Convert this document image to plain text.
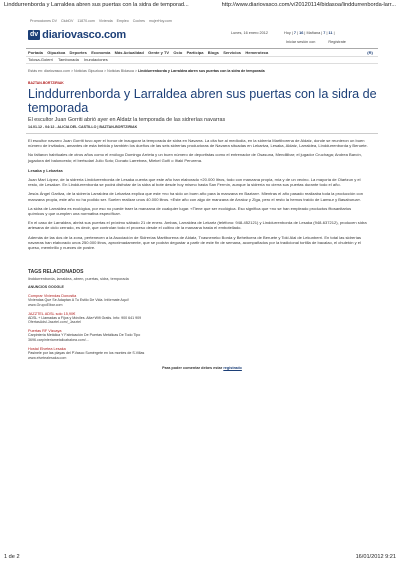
Linddurrenborda y Larraldea abren sus puertas con la sidra de temporad...	http://www.diariovasco.com/v/20120114/bidasoa/linddurrenborda-larr...
Promociones DV ClubDV 11870.com Vivienda Empleo Coches mujerHoy.com
dv diariovasco.com	Lunes, 16 enero 2012	Hoy | 7 | 16 | Mañana | 7 | 11 |
Iniciar sesión con	Regístrate
Portada Gipuzkoa Deportes Economía Más Actualidad Gente y TV Ocio Participa Blogs Servicios Hemeroteca	(R)
Tolosa-Goierri Tambonada Inundaciones
Estás en: diariovasco.com > Noticias Gipuzkoa > Noticias Bidasoa > Linddurrenborda y Larraldea abren sus puertas con la sidra de temporada
BAZTAN-BORTZIRIAK
Linddurrenborda y Larraldea abren sus puertas con la sidra de temporada
El escultor Juan Gorriti abrió ayer en Aldatz la temporada de las sidrerías navarras
14.01.12 - 04:12 - ALICIA DEL CASTILLO | BAZTAN-BORTZIRIAK

El escultor navarro Juan Gorriti tuvo ayer el honor de inaugurar la temporada de sidra en Navarra. La cita fue al mediodía, en la sidrería Martiborena de Aldatz, donde se reunieron un buen número de invitados, amantes de esta bebida y también los dueños de las seis sidrerías productoras de Navarra situadas en Lekartza, Lesaka, Aldatz, Larraldea, Linddurrenborda y Beruete.

No faltaron habituales de otros años como el enólogo Domingo Arrieta y un buen número de deportistas como el entrenador de Osasuna, Mendilibar; el jugador Cruchaga; Andrea Barcín, jugadora del baloncesto; el bertsolari Julio Soto; Donato Larretxea, Miekel Goñi o Iñaki Perurena.

Lesaka y Lekartza

Juan Mari López, de la sidrería Linddurrenborda de Lesaka cuenta que este año han elaborado «20.000 litros, todo con manzana propia, mía y de un vecino. La mayoría de Oiartzun y el resto, de Lesaka». En Linddurrenborda se podrá disfrutar de la sidra al bote desde hoy mismo hasta San Fermín, aunque la sidrería no cierra sus puertas durante todo el año.

Jesús Ángel Garitza, de la sidrería Larraldea de Lekartza explica que este «no ha sido un buen año para la manzana en Baztan». Mientras el año pasado realizaba toda la producción con manzana propia, este año no ha podido ser. Suelen realizar unos 40.000 litros. «Este año con algo de manzana de Arraioz y Ziga, pero el resto la hemos traído de Lamsur y Basaburua».

La sidra de Larraldea es ecológica, por eso no puede traer la manzana de cualquier lugar. «Tiene que ser ecológica. Eso significa que «no se han empleado productos fitosanitarios químicos y que cumplen una normativa específica».

En el caso de Larraldea, abrirá sus puertas el próximo sábado 21 de enero. Ambas, Larraldea de Lekartz (teléfono: 948-452121) y Linddurrenborda de Lesaka (948-637212), producen sidra artesana de ciclo cerrado, es decir, que controlan todo el proceso desde el cultivo de la manzana hasta el embotellado.

Además de las dos de la zona, pertenecen a la Asociación de Sidrerías Martiborena de Aldatz, Txasneneko Borda y Beheitoera de Beruete y Toki Alai de Lekunberri. En total las sidrerías navarras han elaborado unos 250.000 litros, aproximadamente, que se podrán degustar a partir de este fin de semana, acompañados por la tradicional tortilla de bacalao, el chuletón y el queso, membrillo y nueces de postre.

TAGS RELACIONADOS
linddurrenborda, larraldea, abren, puertas, sidra, temporada
ANUNCIOS GOOGLE
Comprar Viviendas Donostia
Viviendas Que Se Adaptan A Tu Estilo De Vida. Infórmate Aquí!
www.GrupoElbar.com
JAZZTEL ADSL solo 15,90€
ADSL + Llamadas a Fijos y Móviles. Alta+Wifi Gratis. Info: 900 641 909
OfertasAdsl.Jazztel.com/_Jazztel
Puertas RF Vizcaya
Carpintería Metálica Y Fabricación De Puertas Metálicas De Todo Tipo
3696.carpinteriametalicabakea.com/...
Hostal Elvetea Lesaka
Pasinele por las playas del P.Vasco Sumérgete en los montes de S.Villas
www.elvetealesaka.com
Para poder comentar debes estar registrado
1 de 2	16/01/2012 9:21
